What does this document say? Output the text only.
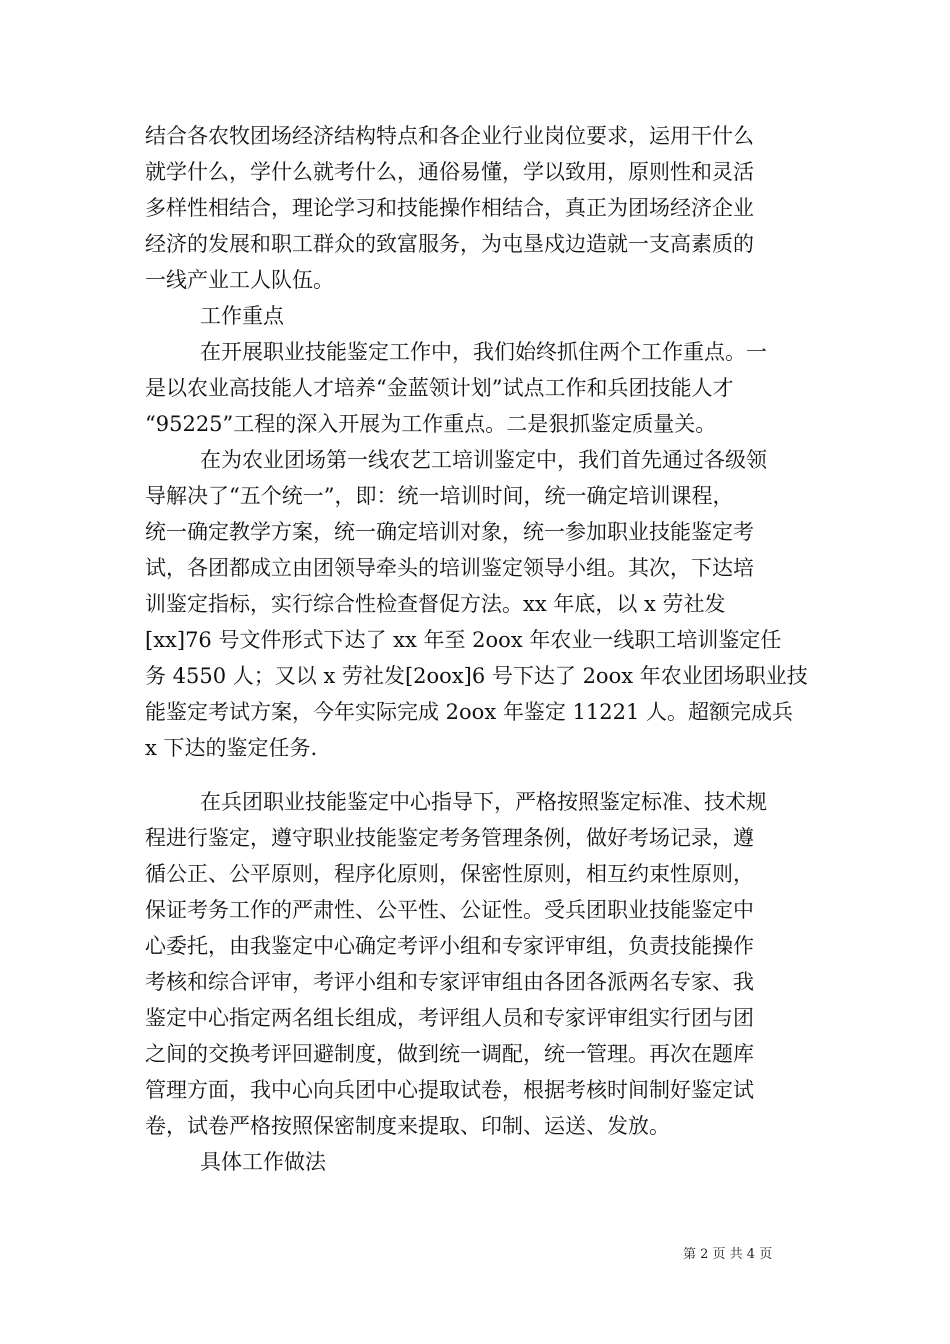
结合各农牧团场经济结构特点和各企业行业岗位要求，运用干什么
就学什么，学什么就考什么，通俗易懂，学以致用，原则性和灵活
多样性相结合，理论学习和技能操作相结合，真正为团场经济企业
经济的发展和职工群众的致富服务，为屯垦戍边造就一支高素质的
一线产业工人队伍。
工作重点
在开展职业技能鉴定工作中，我们始终抓住两个工作重点。一
是以农业高技能人才培养“金蓝领计划”试点工作和兵团技能人才
“95225”工程的深入开展为工作重点。二是狠抓鉴定质量关。
在为农业团场第一线农艺工培训鉴定中，我们首先通过各级领
导解决了“五个统一”，即：统一培训时间，统一确定培训课程，
统一确定教学方案，统一确定培训对象，统一参加职业技能鉴定考
试，各团都成立由团领导牵头的培训鉴定领导小组。其次，下达培
训鉴定指标，实行综合性检查督促方法。xx 年底，以 x 劳社发
[xx]76 号文件形式下达了 xx 年至 2oox 年农业一线职工培训鉴定任
务 4550 人；又以 x 劳社发[2oox]6 号下达了 2oox 年农业团场职业技
能鉴定考试方案，今年实际完成 2oox 年鉴定 11221 人。超额完成兵
x 下达的鉴定任务.
在兵团职业技能鉴定中心指导下，严格按照鉴定标准、技术规
程进行鉴定，遵守职业技能鉴定考务管理条例，做好考场记录，遵
循公正、公平原则，程序化原则，保密性原则，相互约束性原则，
保证考务工作的严肃性、公平性、公证性。受兵团职业技能鉴定中
心委托，由我鉴定中心确定考评小组和专家评审组，负责技能操作
考核和综合评审，考评小组和专家评审组由各团各派两名专家、我
鉴定中心指定两名组长组成，考评组人员和专家评审组实行团与团
之间的交换考评回避制度，做到统一调配，统一管理。再次在题库
管理方面，我中心向兵团中心提取试卷，根据考核时间制好鉴定试
卷，试卷严格按照保密制度来提取、印制、运送、发放。
具体工作做法
第 2 页 共 4 页
